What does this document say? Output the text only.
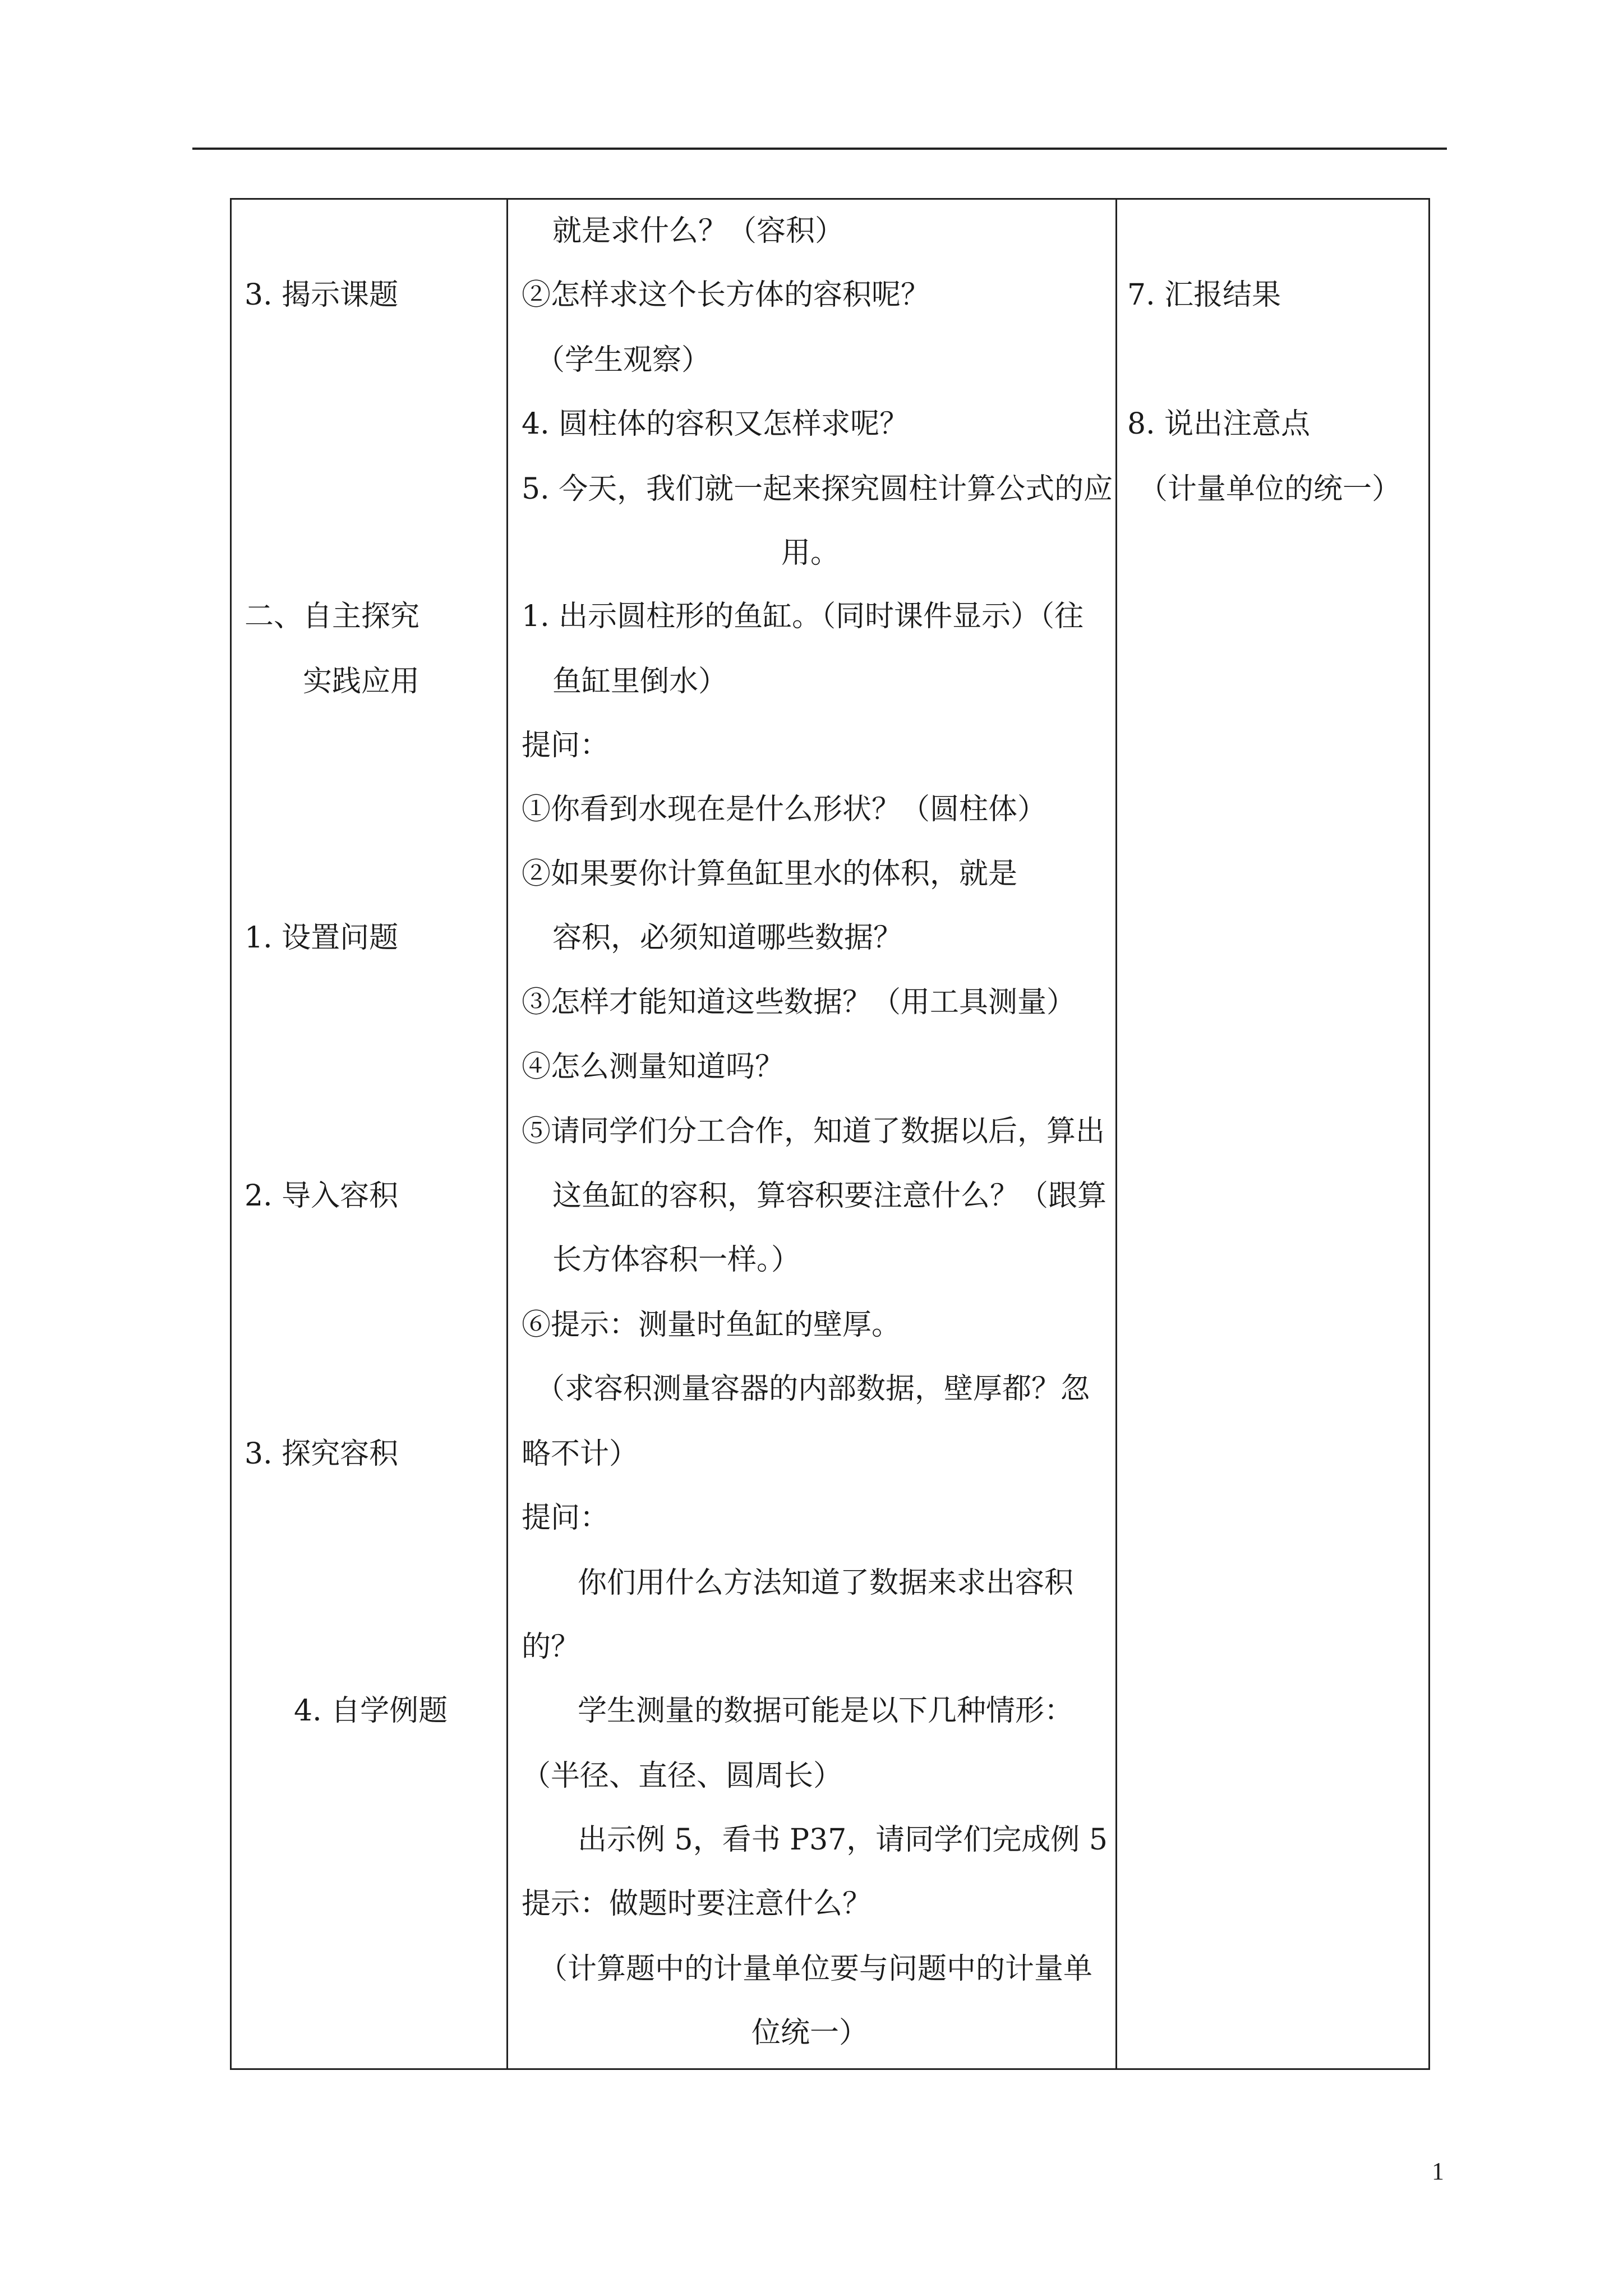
3. 揭示课题
二、自主探究
实践应用
1. 设置问题
2. 导入容积
3. 探究容积
4. 自学例题
就是求什么？（容积）
②怎样求这个长方体的容积呢？
（学生观察）
4. 圆柱体的容积又怎样求呢？
5. 今天，我们就一起来探究圆柱计算公式的应
用。
1. 出示圆柱形的鱼缸。（同时课件显示）（往
鱼缸里倒水）
提问：
①你看到水现在是什么形状？（圆柱体）
②如果要你计算鱼缸里水的体积，就是
容积，必须知道哪些数据？
③怎样才能知道这些数据？（用工具测量）
④怎么测量知道吗？
⑤请同学们分工合作，知道了数据以后，算出
这鱼缸的容积，算容积要注意什么？（跟算
长方体容积一样。）
⑥提示：测量时鱼缸的壁厚。
（求容积测量容器的内部数据，壁厚都？忽
略不计）
提问：
你们用什么方法知道了数据来求出容积
的？
学生测量的数据可能是以下几种情形：
（半径、直径、圆周长）
出示例 5，看书 P37，请同学们完成例 5
提示：做题时要注意什么？
（计算题中的计量单位要与问题中的计量单
位统一）
7. 汇报结果
8. 说出注意点
（计量单位的统一）
1
